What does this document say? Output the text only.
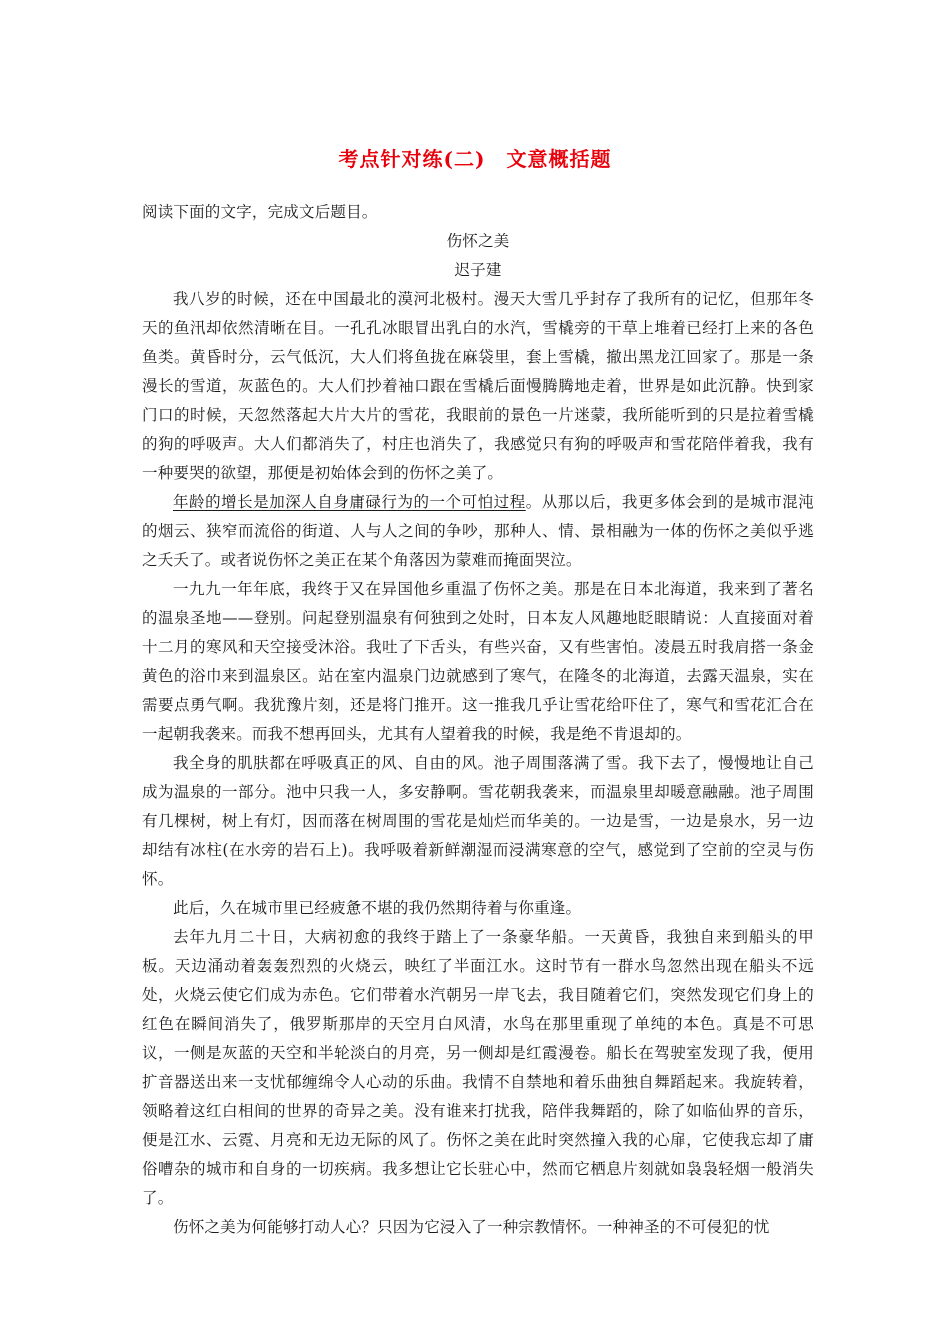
考点针对练(二)　文意概括题

阅读下面的文字，完成文后题目。

伤怀之美

迟子建

我八岁的时候，还在中国最北的漠河北极村。漫天大雪几乎封存了我所有的记忆，但那年冬天的鱼汛却依然清晰在目。一孔孔冰眼冒出乳白的水汽，雪橇旁的干草上堆着已经打上来的各色鱼类。黄昏时分，云气低沉，大人们将鱼拢在麻袋里，套上雪橇，撤出黑龙江回家了。那是一条漫长的雪道，灰蓝色的。大人们抄着袖口跟在雪橇后面慢腾腾地走着，世界是如此沉静。快到家门口的时候，天忽然落起大片大片的雪花，我眼前的景色一片迷蒙，我所能听到的只是拉着雪橇的狗的呼吸声。大人们都消失了，村庄也消失了，我感觉只有狗的呼吸声和雪花陪伴着我，我有一种要哭的欲望，那便是初始体会到的伤怀之美了。

年龄的增长是加深人自身庸碌行为的一个可怕过程。从那以后，我更多体会到的是城市混沌的烟云、狭窄而流俗的街道、人与人之间的争吵，那种人、情、景相融为一体的伤怀之美似乎逃之夭夭了。或者说伤怀之美正在某个角落因为蒙难而掩面哭泣。

一九九一年年底，我终于又在异国他乡重温了伤怀之美。那是在日本北海道，我来到了著名的温泉圣地——登别。问起登别温泉有何独到之处时，日本友人风趣地眨眼睛说：人直接面对着十二月的寒风和天空接受沐浴。我吐了下舌头，有些兴奋，又有些害怕。凌晨五时我肩搭一条金黄色的浴巾来到温泉区。站在室内温泉门边就感到了寒气，在隆冬的北海道，去露天温泉，实在需要点勇气啊。我犹豫片刻，还是将门推开。这一推我几乎让雪花给吓住了，寒气和雪花汇合在一起朝我袭来。而我不想再回头，尤其有人望着我的时候，我是绝不肯退却的。

我全身的肌肤都在呼吸真正的风、自由的风。池子周围落满了雪。我下去了，慢慢地让自己成为温泉的一部分。池中只我一人，多安静啊。雪花朝我袭来，而温泉里却暖意融融。池子周围有几棵树，树上有灯，因而落在树周围的雪花是灿烂而华美的。一边是雪，一边是泉水，另一边却结有冰柱(在水旁的岩石上)。我呼吸着新鲜潮湿而浸满寒意的空气，感觉到了空前的空灵与伤怀。

此后，久在城市里已经疲惫不堪的我仍然期待着与你重逢。

去年九月二十日，大病初愈的我终于踏上了一条豪华船。一天黄昏，我独自来到船头的甲板。天边涌动着轰轰烈烈的火烧云，映红了半面江水。这时节有一群水鸟忽然出现在船头不远处，火烧云使它们成为赤色。它们带着水汽朝另一岸飞去，我目随着它们，突然发现它们身上的红色在瞬间消失了，俄罗斯那岸的天空月白风清，水鸟在那里重现了单纯的本色。真是不可思议，一侧是灰蓝的天空和半轮淡白的月亮，另一侧却是红霞漫卷。船长在驾驶室发现了我，便用扩音器送出来一支忧郁缠绵令人心动的乐曲。我情不自禁地和着乐曲独自舞蹈起来。我旋转着，领略着这红白相间的世界的奇异之美。没有谁来打扰我，陪伴我舞蹈的，除了如临仙界的音乐，便是江水、云霓、月亮和无边无际的风了。伤怀之美在此时突然撞入我的心扉，它使我忘却了庸俗嘈杂的城市和自身的一切疾病。我多想让它长驻心中，然而它栖息片刻就如袅袅轻烟一般消失了。

伤怀之美为何能够打动人心？只因为它浸入了一种宗教情怀。一种神圣的不可侵犯的忧
